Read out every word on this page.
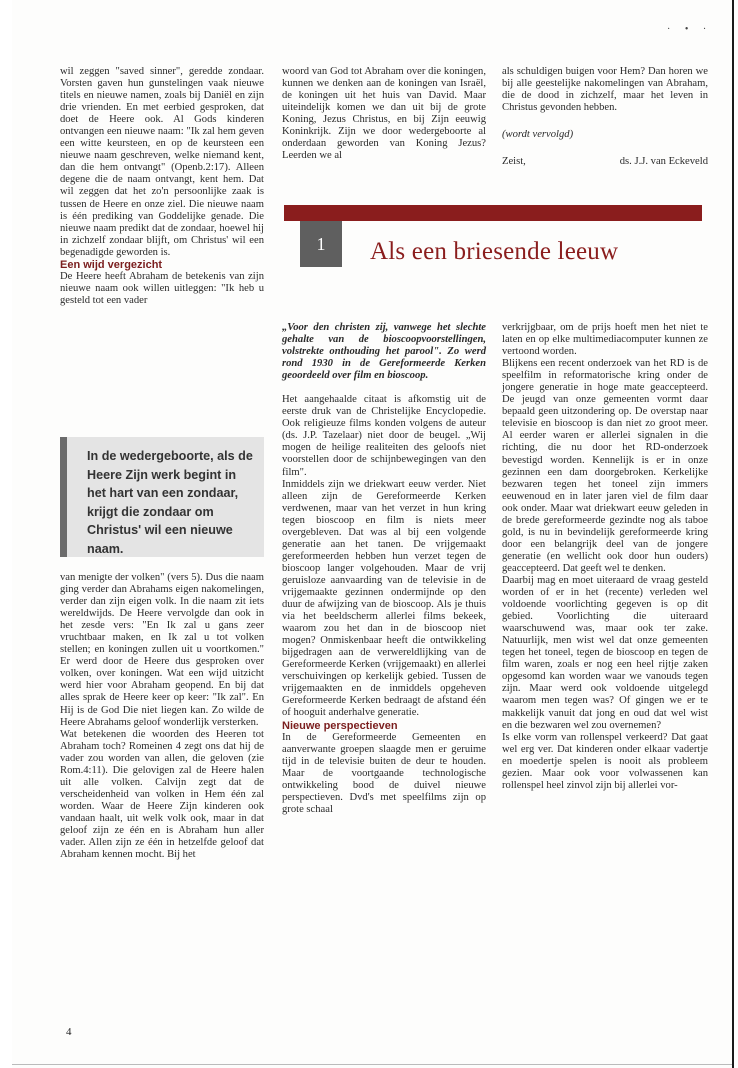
· • ·

wil zeggen "saved sinner", geredde zondaar. Vorsten gaven hun gunstelingen vaak nieuwe titels en nieuwe namen, zoals bij Daniël en zijn drie vrienden. En met eerbied gesproken, dat doet de Heere ook. Al Gods kinderen ontvangen een nieuwe naam: "Ik zal hem geven een witte keursteen, en op de keursteen een nieuwe naam geschreven, welke niemand kent, dan die hem ontvangt" (Openb.2:17). Alleen degene die de naam ontvangt, kent hem. Dat wil zeggen dat het zo'n persoonlijke zaak is tussen de Heere en onze ziel. Die nieuwe naam is één prediking van Goddelijke genade. Die nieuwe naam predikt dat de zondaar, hoewel hij in zichzelf zondaar blijft, om Christus' wil een begenadigde geworden is.

Een wijd vergezicht

De Heere heeft Abraham de betekenis van zijn nieuwe naam ook willen uitleggen: "Ik heb u gesteld tot een vader

In de wedergeboorte, als de Heere Zijn werk begint in het hart van een zondaar, krijgt die zondaar om Christus' wil een nieuwe naam.

van menigte der volken" (vers 5). Dus die naam ging verder dan Abrahams eigen nakomelingen, verder dan zijn eigen volk. In die naam zit iets wereldwijds. De Heere vervolgde dan ook in het zesde vers: "En Ik zal u gans zeer vruchtbaar maken, en Ik zal u tot volken stellen; en koningen zullen uit u voortkomen." Er werd door de Heere dus gesproken over volken, over koningen. Wat een wijd uitzicht werd hier voor Abraham geopend. En bij dat alles sprak de Heere keer op keer: "Ik zal". En Hij is de God Die niet liegen kan. Zo wilde de Heere Abrahams geloof wonderlijk versterken.

Wat betekenen die woorden des Heeren tot Abraham toch? Romeinen 4 zegt ons dat hij de vader zou worden van allen, die geloven (zie Rom.4:11). Die gelovigen zal de Heere halen uit alle volken. Calvijn zegt dat de verscheidenheid van volken in Hem één zal worden. Waar de Heere Zijn kinderen ook vandaan haalt, uit welk volk ook, maar in dat geloof zijn ze één en is Abraham hun aller vader. Allen zijn ze één in hetzelfde geloof dat Abraham kennen mocht. Bij het

woord van God tot Abraham over die koningen, kunnen we denken aan de koningen van Israël, de koningen uit het huis van David. Maar uiteindelijk komen we dan uit bij de grote Koning, Jezus Christus, en bij Zijn eeuwig Koninkrijk. Zijn we door wedergeboorte al onderdaan geworden van Koning Jezus? Leerden we al

als schuldigen buigen voor Hem? Dan horen we bij alle geestelijke nakomelingen van Abraham, die de dood in zichzelf, maar het leven in Christus gevonden hebben.

(wordt vervolgd)

Zeist,	ds. J.J. van Eckeveld

1	Als een briesende leeuw

„Voor den christen zij, vanwege het slechte gehalte van de bioscoopvoorstellingen, volstrekte onthouding het parool". Zo werd rond 1930 in de Gereformeerde Kerken geoordeeld over film en bioscoop.

Het aangehaalde citaat is afkomstig uit de eerste druk van de Christelijke Encyclopedie. Ook religieuze films konden volgens de auteur (ds. J.P. Tazelaar) niet door de beugel. „Wij mogen de heilige realiteiten des geloofs niet voorstellen door de schijnbewegingen van den film".

Inmiddels zijn we driekwart eeuw verder. Niet alleen zijn de Gereformeerde Kerken verdwenen, maar van het verzet in hun kring tegen bioscoop en film is niets meer overgebleven. Dat was al bij een volgende generatie aan het tanen. De vrijgemaakt gereformeerden hebben hun verzet tegen de bioscoop langer volgehouden. Maar de vrij geruisloze aanvaarding van de televisie in de vrijgemaakte gezinnen ondermijnde op den duur de afwijzing van de bioscoop. Als je thuis via het beeldscherm allerlei films bekeek, waarom zou het dan in de bioscoop niet mogen? Onmiskenbaar heeft die ontwikkeling bijgedragen aan de verwereldlijking van de Gereformeerde Kerken (vrijgemaakt) en allerlei verschuivingen op kerkelijk gebied. Tussen de vrijgemaakten en de inmiddels opgeheven Gereformeerde Kerken bedraagt de afstand één of hooguit anderhalve generatie.

Nieuwe perspectieven

In de Gereformeerde Gemeenten en aanverwante groepen slaagde men er geruime tijd in de televisie buiten de deur te houden. Maar de voortgaande technologische ontwikkeling bood de duivel nieuwe perspectieven. Dvd's met speelfilms zijn op grote schaal

verkrijgbaar, om de prijs hoeft men het niet te laten en op elke multimediacomputer kunnen ze vertoond worden.

Blijkens een recent onderzoek van het RD is de speelfilm in reformatorische kring onder de jongere generatie in hoge mate geaccepteerd. De jeugd van onze gemeenten vormt daar bepaald geen uitzondering op. De overstap naar televisie en bioscoop is dan niet zo groot meer. Al eerder waren er allerlei signalen in die richting, die nu door het RD-onderzoek bevestigd worden. Kennelijk is er in onze gezinnen een dam doorgebroken. Kerkelijke bezwaren tegen het toneel zijn immers eeuwenoud en in later jaren viel de film daar ook onder. Maar wat driekwart eeuw geleden in de brede gereformeerde gezindte nog als taboe gold, is nu in bevindelijk gereformeerde kring door een belangrijk deel van de jongere generatie (en wellicht ook door hun ouders) geaccepteerd. Dat geeft wel te denken.

Daarbij mag en moet uiteraard de vraag gesteld worden of er in het (recente) verleden wel voldoende voorlichting gegeven is op dit gebied. Voorlichting die uiteraard waarschuwend was, maar ook ter zake. Natuurlijk, men wist wel dat onze gemeenten tegen het toneel, tegen de bioscoop en tegen de film waren, zoals er nog een heel rijtje zaken opgesomd kan worden waar we vanouds tegen zijn. Maar werd ook voldoende uitgelegd waarom men tegen was? Of gingen we er te makkelijk vanuit dat jong en oud dat wel wist en die bezwaren wel zou overnemen?

Is elke vorm van rollenspel verkeerd? Dat gaat wel erg ver. Dat kinderen onder elkaar vadertje en moedertje spelen is nooit als probleem gezien. Maar ook voor volwassenen kan rollenspel heel zinvol zijn bij allerlei vor-

4
